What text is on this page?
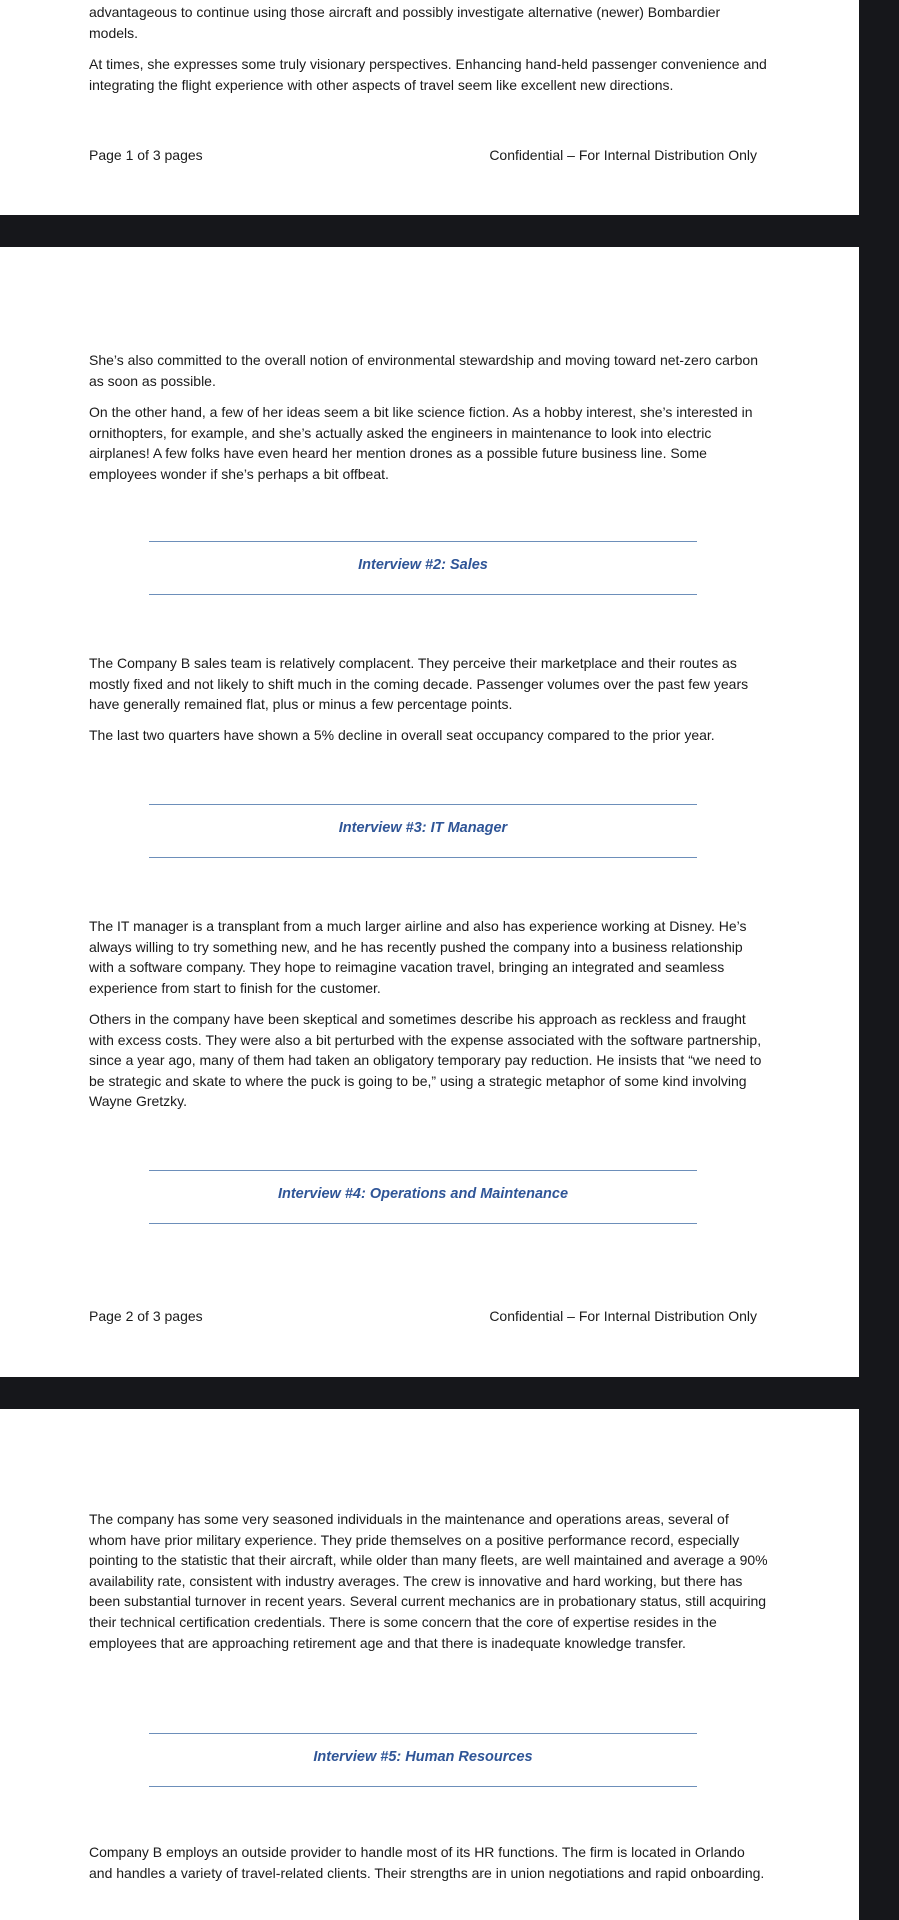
advantageous to continue using those aircraft and possibly investigate alternative (newer) Bombardier models.

At times, she expresses some truly visionary perspectives. Enhancing hand-held passenger convenience and integrating the flight experience with other aspects of travel seem like excellent new directions.

Page 1 of 3 pages	Confidential – For Internal Distribution Only

She’s also committed to the overall notion of environmental stewardship and moving toward net-zero carbon as soon as possible.

On the other hand, a few of her ideas seem a bit like science fiction. As a hobby interest, she’s interested in ornithopters, for example, and she’s actually asked the engineers in maintenance to look into electric airplanes! A few folks have even heard her mention drones as a possible future business line. Some employees wonder if she’s perhaps a bit offbeat.

Interview #2: Sales

The Company B sales team is relatively complacent. They perceive their marketplace and their routes as mostly fixed and not likely to shift much in the coming decade. Passenger volumes over the past few years have generally remained flat, plus or minus a few percentage points.

The last two quarters have shown a 5% decline in overall seat occupancy compared to the prior year.

Interview #3: IT Manager

The IT manager is a transplant from a much larger airline and also has experience working at Disney. He’s always willing to try something new, and he has recently pushed the company into a business relationship with a software company. They hope to reimagine vacation travel, bringing an integrated and seamless experience from start to finish for the customer.

Others in the company have been skeptical and sometimes describe his approach as reckless and fraught with excess costs. They were also a bit perturbed with the expense associated with the software partnership, since a year ago, many of them had taken an obligatory temporary pay reduction. He insists that “we need to be strategic and skate to where the puck is going to be,” using a strategic metaphor of some kind involving Wayne Gretzky.

Interview #4: Operations and Maintenance
Page 2 of 3 pages	Confidential – For Internal Distribution Only

The company has some very seasoned individuals in the maintenance and operations areas, several of whom have prior military experience. They pride themselves on a positive performance record, especially pointing to the statistic that their aircraft, while older than many fleets, are well maintained and average a 90% availability rate, consistent with industry averages. The crew is innovative and hard working, but there has been substantial turnover in recent years. Several current mechanics are in probationary status, still acquiring their technical certification credentials. There is some concern that the core of expertise resides in the employees that are approaching retirement age and that there is inadequate knowledge transfer.

Interview #5: Human Resources

Company B employs an outside provider to handle most of its HR functions. The firm is located in Orlando and handles a variety of travel-related clients. Their strengths are in union negotiations and rapid onboarding.
